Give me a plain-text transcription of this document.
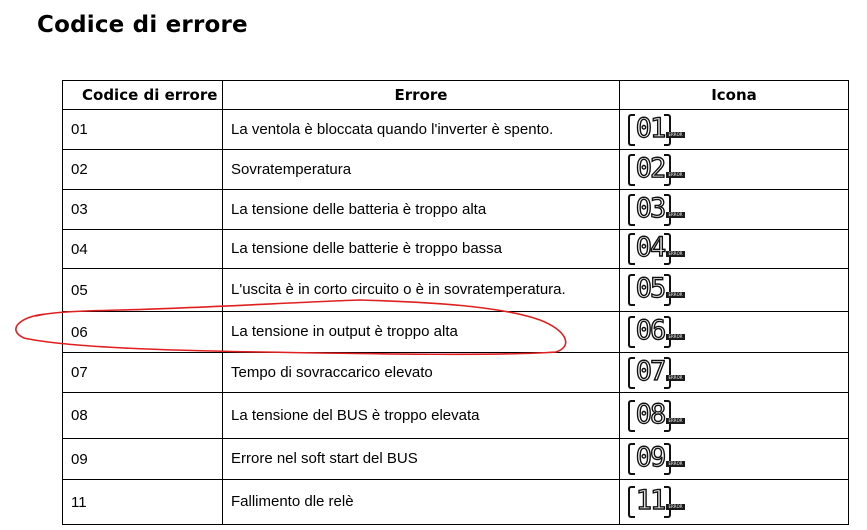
Codice di errore
Codice di errore	Errore	Icona
01	La ventola è bloccata quando l'inverter è spento.	01 ERROR

02	Sovratemperatura	02 ERROR

03	La tensione delle batteria è troppo alta	03 ERROR

04	La tensione delle batterie è troppo bassa	04 ERROR

05	L'uscita è in corto circuito o è in sovratemperatura.	05 ERROR

06	La tensione in output è troppo alta	06 ERROR

07	Tempo di sovraccarico elevato	07 ERROR

08	La tensione del BUS è troppo elevata	08 ERROR

09	Errore nel soft start del BUS	09 ERROR

11	Fallimento dle relè	11 ERROR
